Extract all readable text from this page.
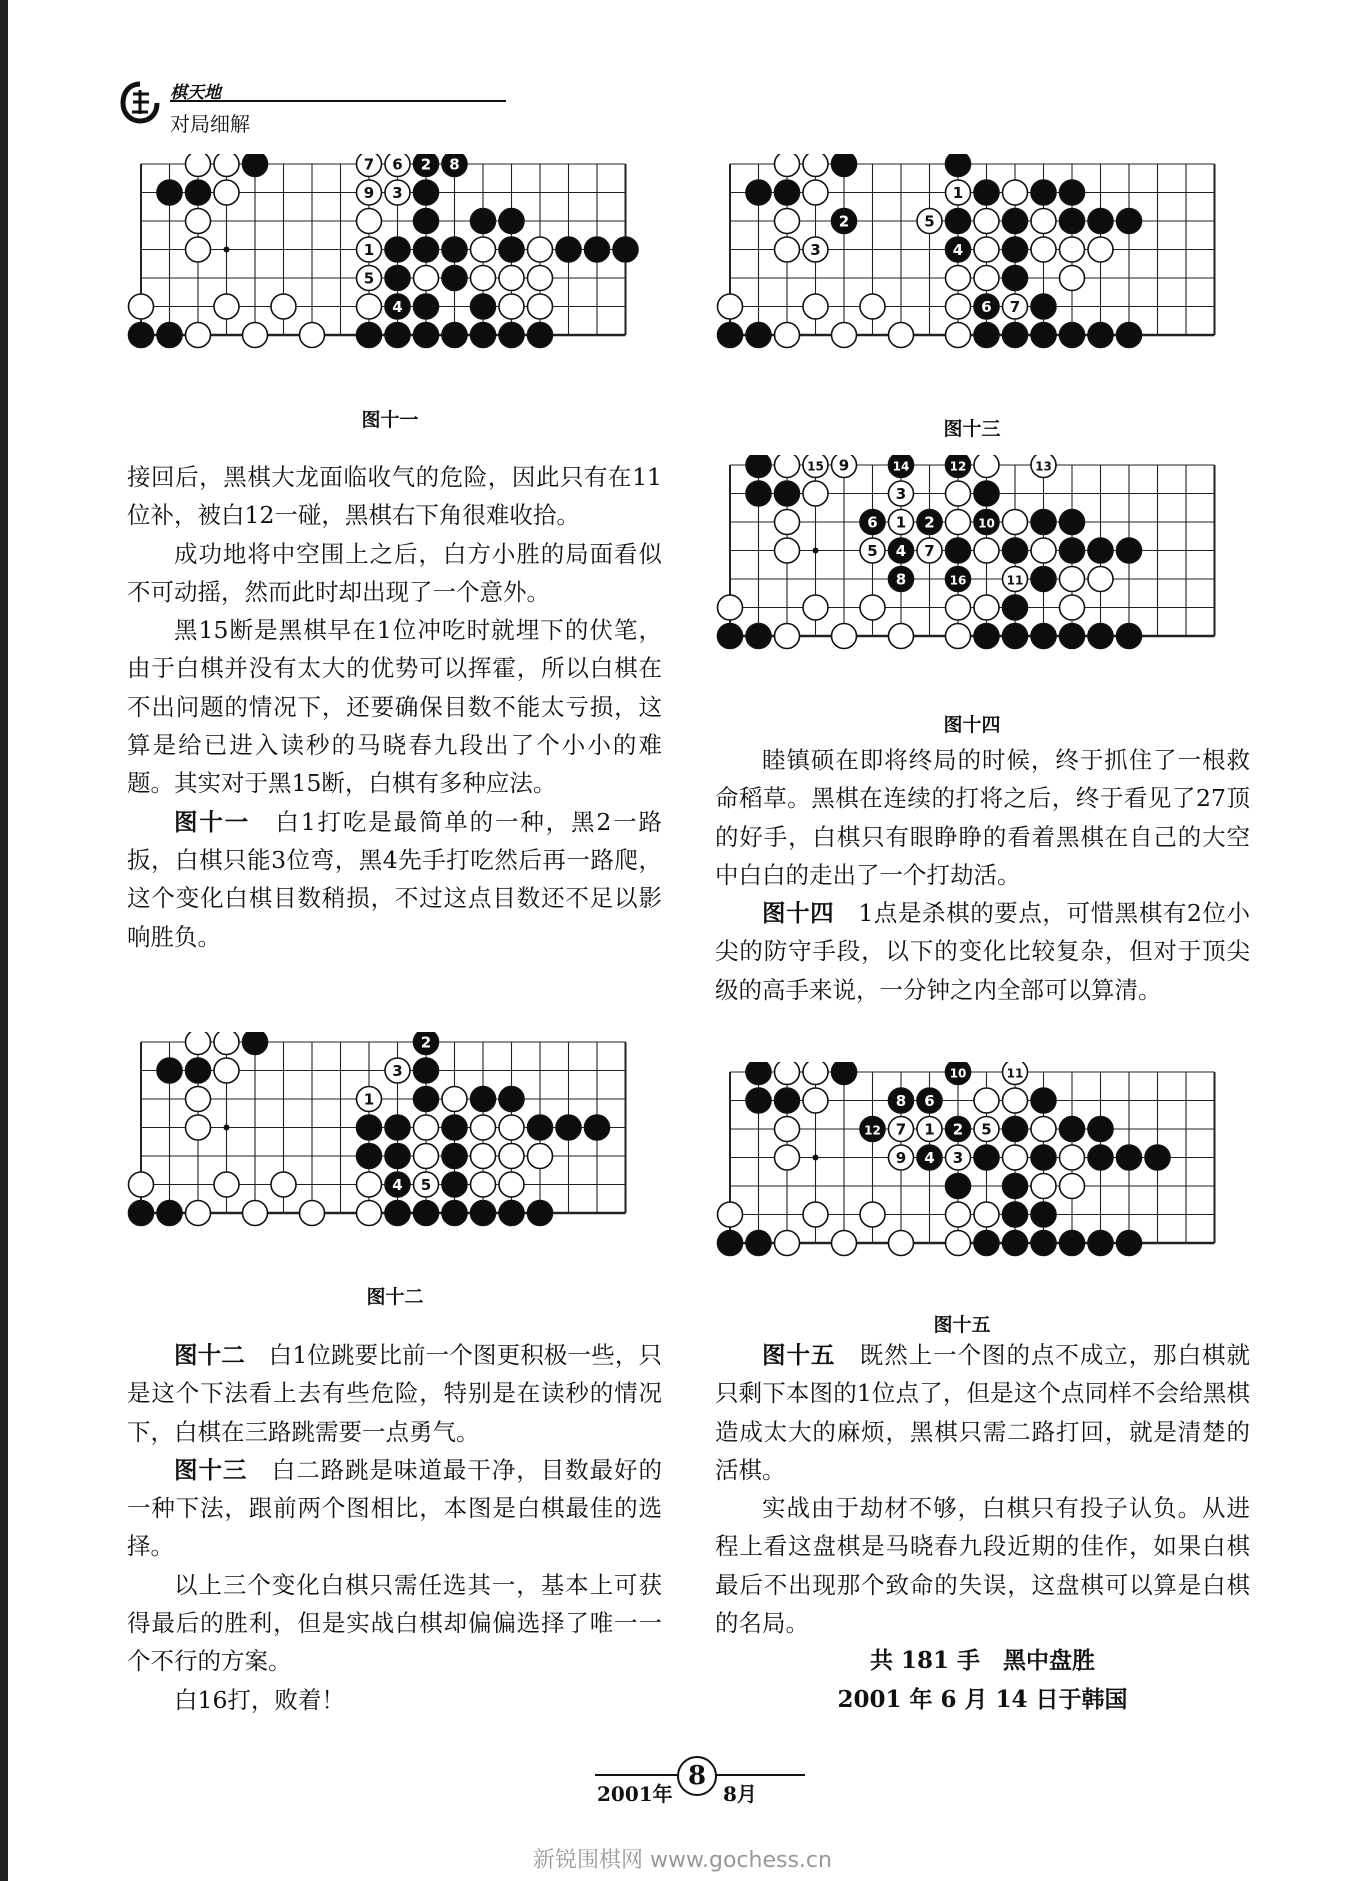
棋天地
对局细解
7 6 2 8
9 3
1
5
4
图十一
2
3
1
4 5
图十二
1
2	5
3	4
6 7
图十三
15 9	14	12	13
3
6 1 2	10
5 4 7
8	16	11
图十四
10	11
8 6
12 7 1 2 5
9 4 3
图十五

接回后，黑棋大龙面临收气的危险，因此只有在11位补，被白12一碰，黑棋右下角很难收拾。

成功地将中空围上之后，白方小胜的局面看似不可动摇，然而此时却出现了一个意外。

黑15断是黑棋早在1位冲吃时就埋下的伏笔，由于白棋并没有太大的优势可以挥霍，所以白棋在不出问题的情况下，还要确保目数不能太亏损，这算是给已进入读秒的马晓春九段出了个小小的难题。其实对于黑15断，白棋有多种应法。

图十一　 白1打吃是最简单的一种，黑2一路扳，白棋只能3位弯，黑4先手打吃然后再一路爬，这个变化白棋目数稍损，不过这点目数还不足以影响胜负。

图十二　 白1位跳要比前一个图更积极一些，只是这个下法看上去有些危险，特别是在读秒的情况下，白棋在三路跳需要一点勇气。

图十三　 白二路跳是味道最干净，目数最好的一种下法，跟前两个图相比，本图是白棋最佳的选择。

以上三个变化白棋只需任选其一，基本上可获得最后的胜利，但是实战白棋却偏偏选择了唯一一个不行的方案。

白16打，败着！

睦镇硕在即将终局的时候，终于抓住了一根救命稻草。黑棋在连续的打将之后，终于看见了27顶的好手，白棋只有眼睁睁的看着黑棋在自己的大空中白白的走出了一个打劫活。

图十四　 1点是杀棋的要点，可惜黑棋有2位小尖的防守手段，以下的变化比较复杂，但对于顶尖级的高手来说，一分钟之内全部可以算清。

图十五　 既然上一个图的点不成立，那白棋就只剩下本图的1位点了，但是这个点同样不会给黑棋造成太大的麻烦，黑棋只需二路打回，就是清楚的活棋。

实战由于劫材不够，白棋只有投子认负。从进程上看这盘棋是马晓春九段近期的佳作，如果白棋最后不出现那个致命的失误，这盘棋可以算是白棋的名局。

共 181 手　黑中盘胜

2001 年 6 月 14 日于韩国

2001年
8
8月
新锐围棋网 www.gochess.cn
